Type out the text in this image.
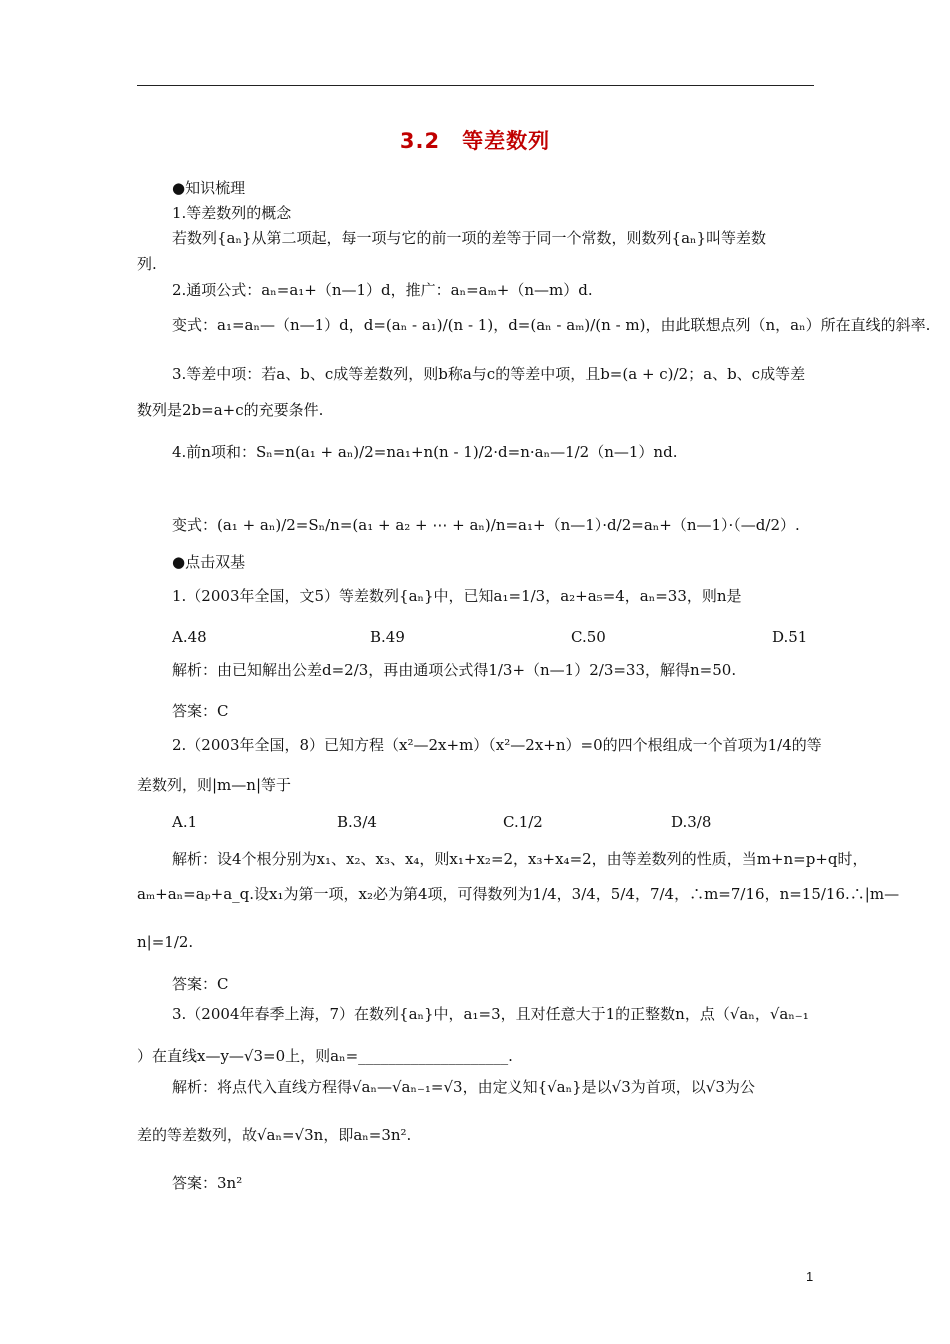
3.2　等差数列
●知识梳理
1.等差数列的概念
若数列{aₙ}从第二项起，每一项与它的前一项的差等于同一个常数，则数列{aₙ}叫等差数
列.
2.通项公式：aₙ=a₁+（n—1）d，推广：aₙ=aₘ+（n—m）d.
变式：a₁=aₙ—（n—1）d，d=(aₙ - a₁)/(n - 1)，d=(aₙ - aₘ)/(n - m)，由此联想点列（n，aₙ）所在直线的斜率.
3.等差中项：若a、b、c成等差数列，则b称a与c的等差中项，且b=(a + c)/2；a、b、c成等差
数列是2b=a+c的充要条件.
4.前n项和：Sₙ=n(a₁ + aₙ)/2=na₁+n(n - 1)/2·d=n·aₙ—1/2（n—1）nd.
变式：(a₁ + aₙ)/2=Sₙ/n=(a₁ + a₂ + ⋯ + aₙ)/n=a₁+（n—1）·d/2=aₙ+（n—1）·（—d/2）.
●点击双基
1.（2003年全国，文5）等差数列{aₙ}中，已知a₁=1/3，a₂+a₅=4，aₙ=33，则n是
解析：由已知解出公差d=2/3，再由通项公式得1/3+（n—1）2/3=33，解得n=50.
答案：C
2.（2003年全国，8）已知方程（x²—2x+m）（x²—2x+n）=0的四个根组成一个首项为1/4的等
差数列，则|m—n|等于
解析：设4个根分别为x₁、x₂、x₃、x₄，则x₁+x₂=2，x₃+x₄=2，由等差数列的性质，当m+n=p+q时，
aₘ+aₙ=aₚ+a_q.设x₁为第一项，x₂必为第4项，可得数列为1/4，3/4，5/4，7/4，∴m=7/16，n=15/16.∴|m—
n|=1/2.
答案：C
3.（2004年春季上海，7）在数列{aₙ}中，a₁=3，且对任意大于1的正整数n，点（√aₙ，√aₙ₋₁
）在直线x—y—√3=0上，则aₙ=____________________.
解析：将点代入直线方程得√aₙ—√aₙ₋₁=√3，由定义知{√aₙ}是以√3为首项，以√3为公
差的等差数列，故√aₙ=√3n，即aₙ=3n².
答案：3n²
A.48	B.49	C.50	D.51
A.1	B.3/4	C.1/2	D.3/8
1
